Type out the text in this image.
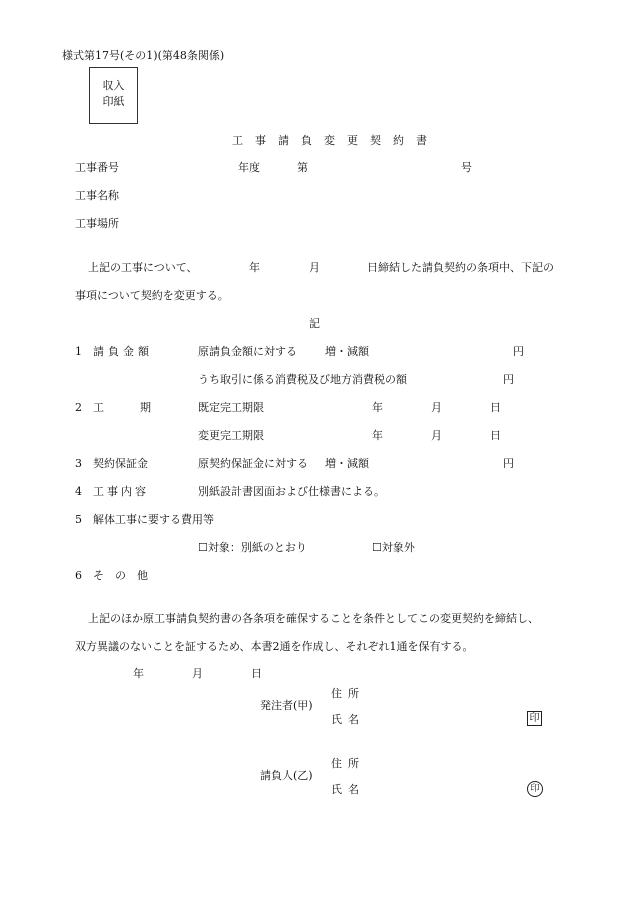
様式第17号(その1)(第48条関係)
収入
印紙
工事請負変更契約書
工事番号	年度	第	号
工事名称
工事場所
上記の工事について、	年	月	日締結した請負契約の条項中、下記の
事項について契約を変更する。
記
1 請負金額	原請負金額に対する	増・減額	円
うち取引に係る消費税及び地方消費税の額	円
2 工	期	既定完工期限	年	月	日
変更完工期限	年	月	日
3 契約保証金	原契約保証金に対する 増・減額	円
4 工事内容	別紙設計書図面および仕様書による。
5 解体工事に要する費用等
☐対象：別紙のとおり	☐対象外
6 その他
上記のほか原工事請負契約書の各条項を確保することを条件としてこの変更契約を締結し、
双方異議のないことを証するため、本書2通を作成し、それぞれ1通を保有する。
年	月	日
発注者(甲)
住所
氏名	印
請負人(乙)
住所
氏名	印
